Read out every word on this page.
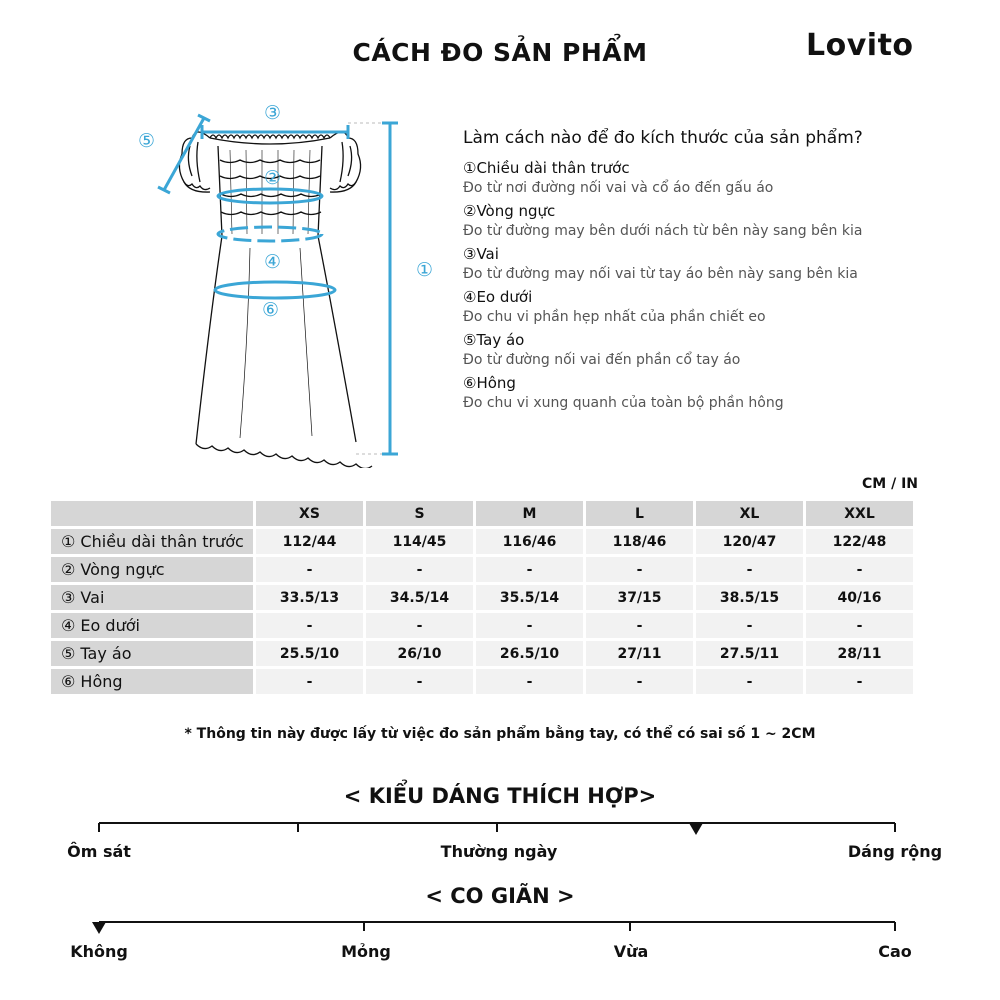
CÁCH ĐO SẢN PHẨM	Lovito
③
⑤
②
④
⑥
①
Làm cách nào để đo kích thước của sản phẩm?
①Chiều dài thân trước
Đo từ nơi đường nối vai và cổ áo đến gấu áo
②Vòng ngực
Đo từ đường may bên dưới nách từ bên này sang bên kia
③Vai
Đo từ đường may nối vai từ tay áo bên này sang bên kia
④Eo dưới
Đo chu vi phần hẹp nhất của phần chiết eo
⑤Tay áo
Đo từ đường nối vai đến phần cổ tay áo
⑥Hông
Đo chu vi xung quanh của toàn bộ phần hông
CM / IN
	XS	S	M	L	XL	XXL
① Chiều dài thân trước	112/44	114/45	116/46	118/46	120/47	122/48
② Vòng ngực	-	-	-	-	-	-
③ Vai	33.5/13	34.5/14	35.5/14	37/15	38.5/15	40/16
④ Eo dưới	-	-	-	-	-	-
⑤ Tay áo	25.5/10	26/10	26.5/10	27/11	27.5/11	28/11
⑥ Hông	-	-	-	-	-	-
* Thông tin này được lấy từ việc đo sản phẩm bằng tay, có thể có sai số 1 ~ 2CM
< KIỂU DÁNG THÍCH HỢP>
Ôm sát	Thường ngày	Dáng rộng
< CO GIÃN >
Không	Mỏng	Vừa	Cao
